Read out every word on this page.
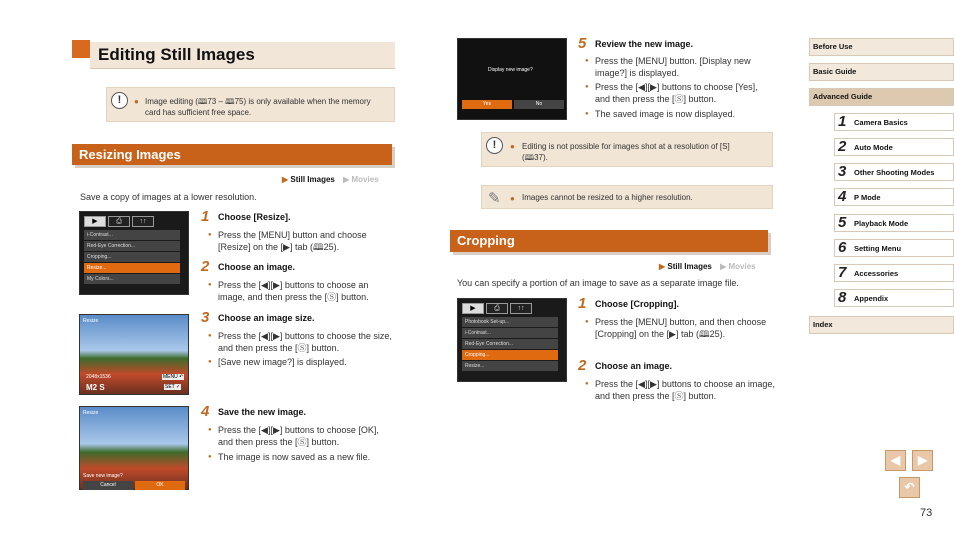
Editing Still Images
!	● Image editing (🕮73 – 🕮75) is only available when the memory card has sufficient free space.
Resizing Images
▶ Still Images ▶ Movies
Save a copy of images at a lower resolution.
▶	⎙	↑↑
i-Contrast...
Red-Eye Correction...
Cropping...
Resize...
My Colors...
Resize
2048x1536	MENU ↶
M2 S	SET ✓
Resize
Save new image?
Cancel	OK
1 Choose [Resize].
● Press the [MENU] button and choose [Resize] on the [▶] tab (🕮25).
2 Choose an image.
● Press the [◀][▶] buttons to choose an image, and then press the [Ⓢ] button.
3 Choose an image size.
● Press the [◀][▶] buttons to choose the size, and then press the [Ⓢ] button.
● [Save new image?] is displayed.
4 Save the new image.
● Press the [◀][▶] buttons to choose [OK], and then press the [Ⓢ] button.
● The image is now saved as a new file.
Display new image?
Yes	No
5 Review the new image.
● Press the [MENU] button. [Display new image?] is displayed.
● Press the [◀][▶] buttons to choose [Yes], and then press the [Ⓢ] button.
● The saved image is now displayed.
!	● Editing is not possible for images shot at a resolution of [S] (🕮37).
✎ ● Images cannot be resized to a higher resolution.
Cropping
▶ Still Images ▶ Movies
You can specify a portion of an image to save as a separate image file.
▶	⎙	↑↑
Photobook Set-up...
i-Contrast...
Red-Eye Correction...
Cropping...
Resize...
1 Choose [Cropping].
● Press the [MENU] button, and then choose [Cropping] on the [▶] tab (🕮25).
2 Choose an image.
● Press the [◀][▶] buttons to choose an image, and then press the [Ⓢ] button.
Before Use
Basic Guide
Advanced Guide
1 Camera Basics
2 Auto Mode
3 Other Shooting Modes
4 P Mode
5 Playback Mode
6 Setting Menu
7 Accessories
8 Appendix
Index
◀	▶
↶
73
